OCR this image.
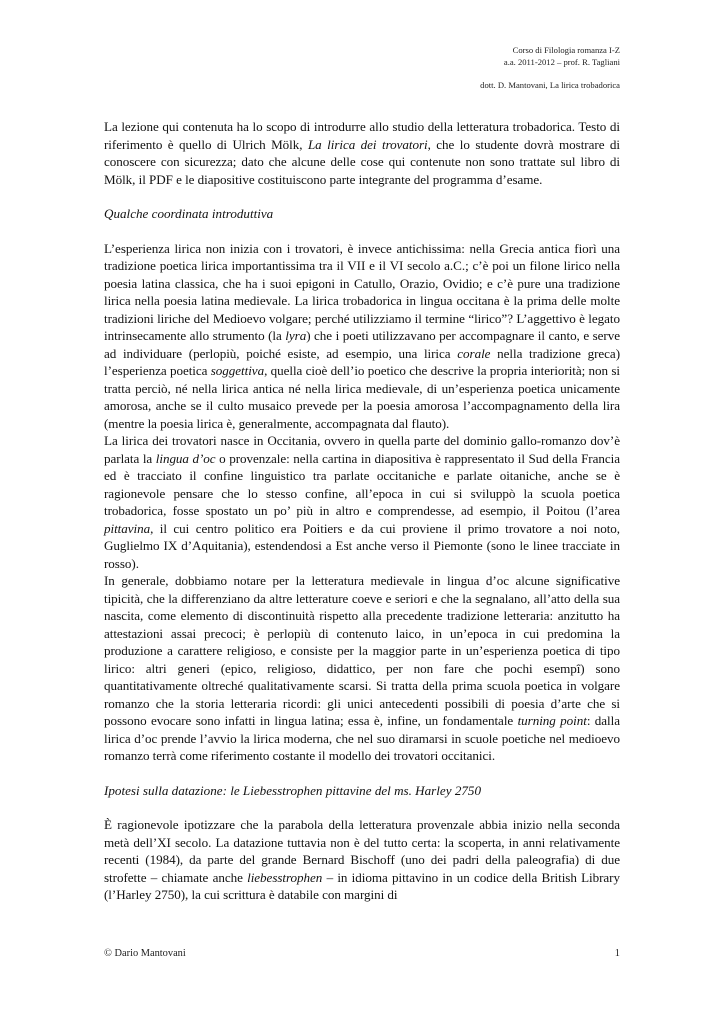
Corso di Filologia romanza I-Z
a.a. 2011-2012 – prof. R. Tagliani
dott. D. Mantovani, La lirica trobadorica

La lezione qui contenuta ha lo scopo di introdurre allo studio della letteratura trobadorica. Testo di riferimento è quello di Ulrich Mölk, La lirica dei trovatori, che lo studente dovrà mostrare di conoscere con sicurezza; dato che alcune delle cose qui contenute non sono trattate sul libro di Mölk, il PDF e le diapositive costituiscono parte integrante del programma d’esame.

Qualche coordinata introduttiva

L’esperienza lirica non inizia con i trovatori, è invece antichissima: nella Grecia antica fiorì una tradizione poetica lirica importantissima tra il VII e il VI secolo a.C.; c’è poi un filone lirico nella poesia latina classica, che ha i suoi epigoni in Catullo, Orazio, Ovidio; e c’è pure una tradizione lirica nella poesia latina medievale. La lirica trobadorica in lingua occitana è la prima delle molte tradizioni liriche del Medioevo volgare; perché utilizziamo il termine “lirico”? L’aggettivo è legato intrinsecamente allo strumento (la lyra) che i poeti utilizzavano per accompagnare il canto, e serve ad individuare (perlopiù, poiché esiste, ad esempio, una lirica corale nella tradizione greca) l’esperienza poetica soggettiva, quella cioè dell’io poetico che descrive la propria interiorità; non si tratta perciò, né nella lirica antica né nella lirica medievale, di un’esperienza poetica unicamente amorosa, anche se il culto musaico prevede per la poesia amorosa l’accompagnamento della lira (mentre la poesia lirica è, generalmente, accompagnata dal flauto).

La lirica dei trovatori nasce in Occitania, ovvero in quella parte del dominio gallo-romanzo dov’è parlata la lingua d’oc o provenzale: nella cartina in diapositiva è rappresentato il Sud della Francia ed è tracciato il confine linguistico tra parlate occitaniche e parlate oitaniche, anche se è ragionevole pensare che lo stesso confine, all’epoca in cui si sviluppò la scuola poetica trobadorica, fosse spostato un po’ più in altro e comprendesse, ad esempio, il Poitou (l’area pittavina, il cui centro politico era Poitiers e da cui proviene il primo trovatore a noi noto, Guglielmo IX d’Aquitania), estendendosi a Est anche verso il Piemonte (sono le linee tracciate in rosso).

In generale, dobbiamo notare per la letteratura medievale in lingua d’oc alcune significative tipicità, che la differenziano da altre letterature coeve e seriori e che la segnalano, all’atto della sua nascita, come elemento di discontinuità rispetto alla precedente tradizione letteraria: anzitutto ha attestazioni assai precoci; è perlopiù di contenuto laico, in un’epoca in cui predomina la produzione a carattere religioso, e consiste per la maggior parte in un’esperienza poetica di tipo lirico: altri generi (epico, religioso, didattico, per non fare che pochi esempî) sono quantitativamente oltreché qualitativamente scarsi. Si tratta della prima scuola poetica in volgare romanzo che la storia letteraria ricordi: gli unici antecedenti possibili di poesia d’arte che si possono evocare sono infatti in lingua latina; essa è, infine, un fondamentale turning point: dalla lirica d’oc prende l’avvio la lirica moderna, che nel suo diramarsi in scuole poetiche nel medioevo romanzo terrà come riferimento costante il modello dei trovatori occitanici.

Ipotesi sulla datazione: le Liebesstrophen pittavine del ms. Harley 2750

È ragionevole ipotizzare che la parabola della letteratura provenzale abbia inizio nella seconda metà dell’XI secolo. La datazione tuttavia non è del tutto certa: la scoperta, in anni relativamente recenti (1984), da parte del grande Bernard Bischoff (uno dei padri della paleografia) di due strofette – chiamate anche liebesstrophen – in idioma pittavino in un codice della British Library (l’Harley 2750), la cui scrittura è databile con margini di

© Dario Mantovani	1
